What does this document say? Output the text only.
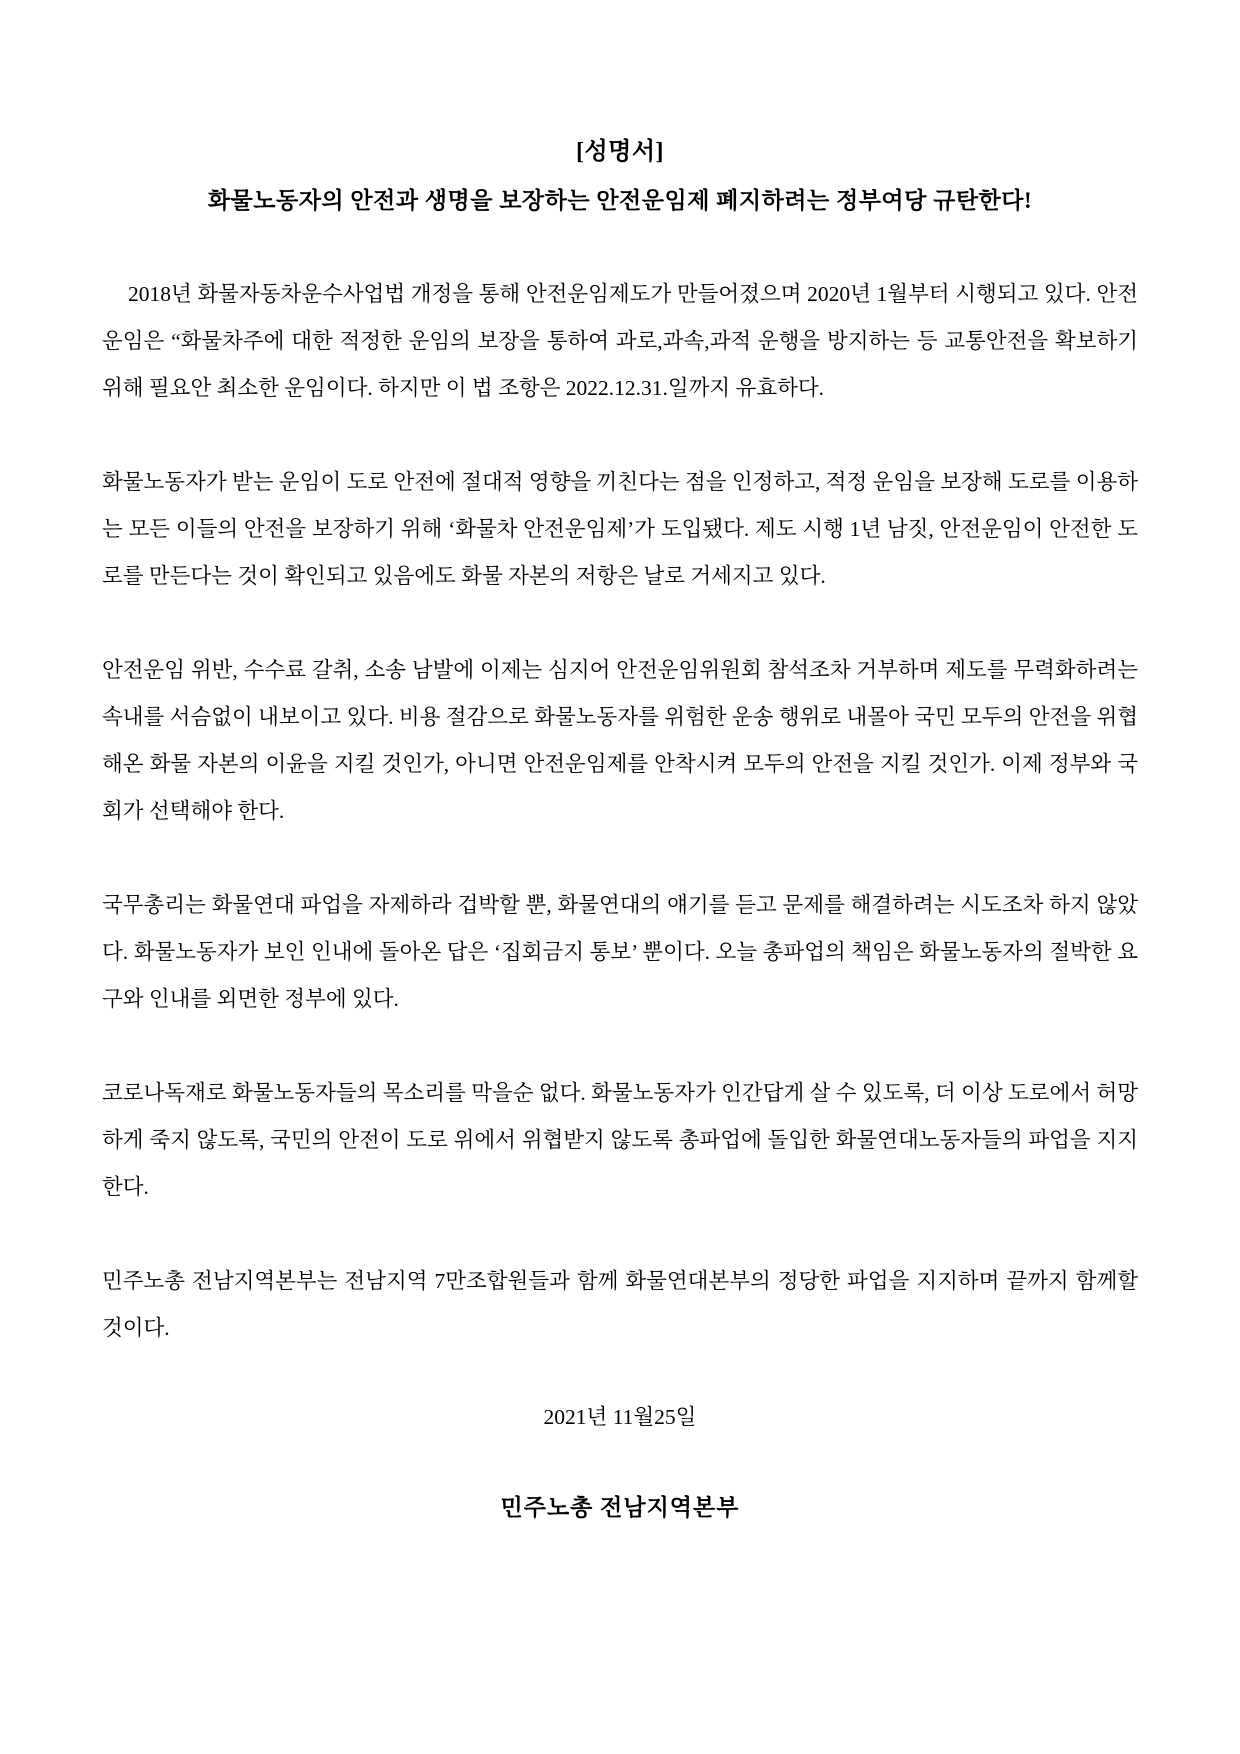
[성명서]
화물노동자의 안전과 생명을 보장하는 안전운임제 폐지하려는 정부여당 규탄한다!

2018년 화물자동차운수사업법 개정을 통해 안전운임제도가 만들어졌으며 2020년 1월부터 시행되고 있다. 안전운임은 “화물차주에 대한 적정한 운임의 보장을 통하여 과로,과속,과적 운행을 방지하는 등 교통안전을 확보하기 위해 필요안 최소한 운임이다. 하지만 이 법 조항은 2022.12.31.일까지 유효하다.

화물노동자가 받는 운임이 도로 안전에 절대적 영향을 끼친다는 점을 인정하고, 적정 운임을 보장해 도로를 이용하는 모든 이들의 안전을 보장하기 위해 ‘화물차 안전운임제’가 도입됐다. 제도 시행 1년 남짓, 안전운임이 안전한 도로를 만든다는 것이 확인되고 있음에도 화물 자본의 저항은 날로 거세지고 있다.

안전운임 위반, 수수료 갈취, 소송 남발에 이제는 심지어 안전운임위원회 참석조차 거부하며 제도를 무력화하려는 속내를 서슴없이 내보이고 있다. 비용 절감으로 화물노동자를 위험한 운송 행위로 내몰아 국민 모두의 안전을 위협해온 화물 자본의 이윤을 지킬 것인가, 아니면 안전운임제를 안착시켜 모두의 안전을 지킬 것인가. 이제 정부와 국회가 선택해야 한다.

국무총리는 화물연대 파업을 자제하라 겁박할 뿐, 화물연대의 얘기를 듣고 문제를 해결하려는 시도조차 하지 않았다. 화물노동자가 보인 인내에 돌아온 답은 ‘집회금지 통보’ 뿐이다. 오늘 총파업의 책임은 화물노동자의 절박한 요구와 인내를 외면한 정부에 있다.

코로나독재로 화물노동자들의 목소리를 막을순 없다. 화물노동자가 인간답게 살 수 있도록, 더 이상 도로에서 허망하게 죽지 않도록, 국민의 안전이 도로 위에서 위협받지 않도록 총파업에 돌입한 화물연대노동자들의 파업을 지지한다.

민주노총 전남지역본부는 전남지역 7만조합원들과 함께 화물연대본부의 정당한 파업을 지지하며 끝까지 함께할 것이다.

2021년 11월25일
민주노총 전남지역본부
